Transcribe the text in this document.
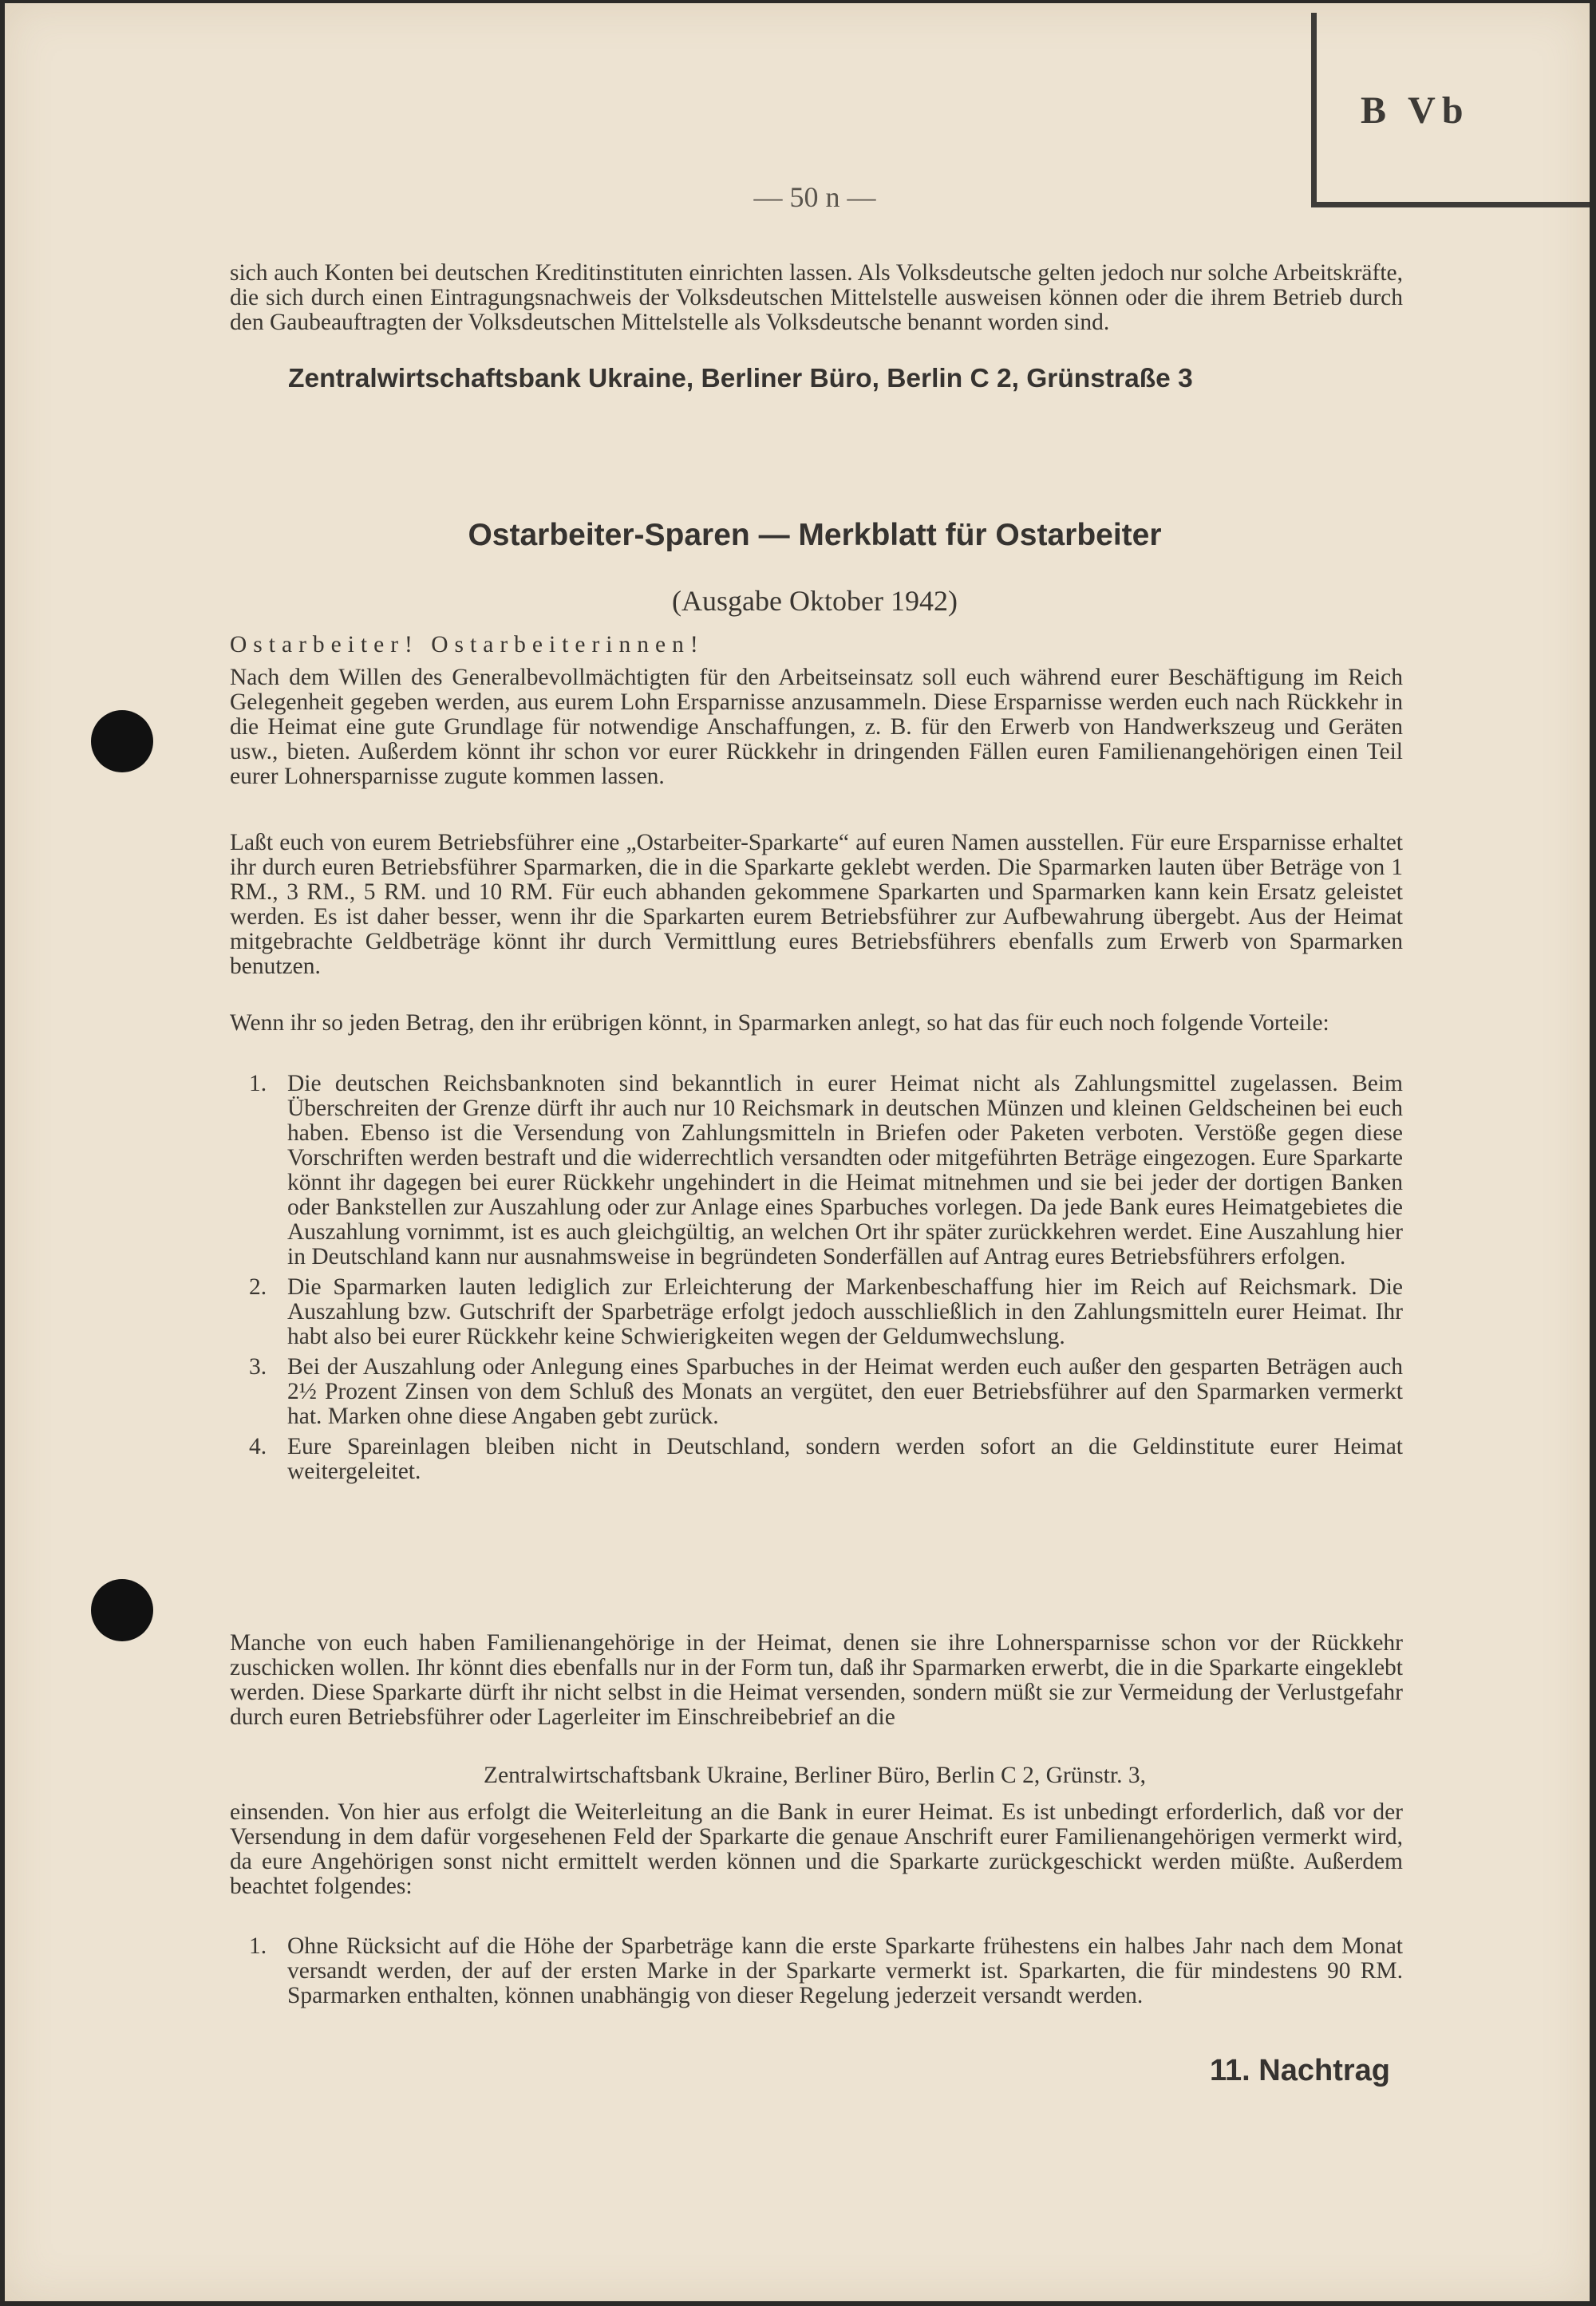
B Vb
— 50 n —

sich auch Konten bei deutschen Kreditinstituten einrichten lassen. Als Volksdeutsche gelten jedoch nur solche Arbeitskräfte, die sich durch einen Eintragungsnachweis der Volksdeutschen Mittelstelle ausweisen können oder die ihrem Betrieb durch den Gaubeauftragten der Volksdeutschen Mittelstelle als Volksdeutsche benannt worden sind.

Zentralwirtschaftsbank Ukraine, Berliner Büro, Berlin C 2, Grünstraße 3
Ostarbeiter-Sparen — Merkblatt für Ostarbeiter
(Ausgabe Oktober 1942)
Ostarbeiter! Ostarbeiterinnen!

Nach dem Willen des Generalbevollmächtigten für den Arbeitseinsatz soll euch während eurer Beschäftigung im Reich Gelegenheit gegeben werden, aus eurem Lohn Ersparnisse anzusammeln. Diese Ersparnisse werden euch nach Rückkehr in die Heimat eine gute Grundlage für notwendige Anschaffungen, z. B. für den Erwerb von Handwerkszeug und Geräten usw., bieten. Außerdem könnt ihr schon vor eurer Rückkehr in dringenden Fällen euren Familienangehörigen einen Teil eurer Lohnersparnisse zugute kommen lassen.

Laßt euch von eurem Betriebsführer eine „Ostarbeiter-Sparkarte“ auf euren Namen ausstellen. Für eure Ersparnisse erhaltet ihr durch euren Betriebsführer Sparmarken, die in die Sparkarte geklebt werden. Die Sparmarken lauten über Beträge von 1 RM., 3 RM., 5 RM. und 10 RM. Für euch abhanden gekommene Sparkarten und Sparmarken kann kein Ersatz geleistet werden. Es ist daher besser, wenn ihr die Sparkarten eurem Betriebsführer zur Aufbewahrung übergebt. Aus der Heimat mitgebrachte Geldbeträge könnt ihr durch Vermittlung eures Betriebsführers ebenfalls zum Erwerb von Sparmarken benutzen.

Wenn ihr so jeden Betrag, den ihr erübrigen könnt, in Sparmarken anlegt, so hat das für euch noch folgende Vorteile:

1. Die deutschen Reichsbanknoten sind bekanntlich in eurer Heimat nicht als Zahlungsmittel zugelassen. Beim Überschreiten der Grenze dürft ihr auch nur 10 Reichsmark in deutschen Münzen und kleinen Geldscheinen bei euch haben. Ebenso ist die Versendung von Zahlungsmitteln in Briefen oder Paketen verboten. Verstöße gegen diese Vorschriften werden bestraft und die widerrechtlich versandten oder mitgeführten Beträge eingezogen. Eure Sparkarte könnt ihr dagegen bei eurer Rückkehr ungehindert in die Heimat mitnehmen und sie bei jeder der dortigen Banken oder Bankstellen zur Auszahlung oder zur Anlage eines Sparbuches vorlegen. Da jede Bank eures Heimatgebietes die Auszahlung vornimmt, ist es auch gleichgültig, an welchen Ort ihr später zurückkehren werdet. Eine Auszahlung hier in Deutschland kann nur ausnahmsweise in begründeten Sonderfällen auf Antrag eures Betriebsführers erfolgen.
2. Die Sparmarken lauten lediglich zur Erleichterung der Markenbeschaffung hier im Reich auf Reichsmark. Die Auszahlung bzw. Gutschrift der Sparbeträge erfolgt jedoch ausschließlich in den Zahlungsmitteln eurer Heimat. Ihr habt also bei eurer Rückkehr keine Schwierigkeiten wegen der Geldumwechslung.
3. Bei der Auszahlung oder Anlegung eines Sparbuches in der Heimat werden euch außer den gesparten Beträgen auch 2½ Prozent Zinsen von dem Schluß des Monats an vergütet, den euer Betriebsführer auf den Sparmarken vermerkt hat. Marken ohne diese Angaben gebt zurück.
4. Eure Spareinlagen bleiben nicht in Deutschland, sondern werden sofort an die Geldinstitute eurer Heimat weitergeleitet.

Manche von euch haben Familienangehörige in der Heimat, denen sie ihre Lohnersparnisse schon vor der Rückkehr zuschicken wollen. Ihr könnt dies ebenfalls nur in der Form tun, daß ihr Sparmarken erwerbt, die in die Sparkarte eingeklebt werden. Diese Sparkarte dürft ihr nicht selbst in die Heimat versenden, sondern müßt sie zur Vermeidung der Verlustgefahr durch euren Betriebsführer oder Lagerleiter im Einschreibebrief an die

Zentralwirtschaftsbank Ukraine, Berliner Büro, Berlin C 2, Grünstr. 3,

einsenden. Von hier aus erfolgt die Weiterleitung an die Bank in eurer Heimat. Es ist unbedingt erforderlich, daß vor der Versendung in dem dafür vorgesehenen Feld der Sparkarte die genaue Anschrift eurer Familienangehörigen vermerkt wird, da eure Angehörigen sonst nicht ermittelt werden können und die Sparkarte zurückgeschickt werden müßte. Außerdem beachtet folgendes:

1. Ohne Rücksicht auf die Höhe der Sparbeträge kann die erste Sparkarte frühestens ein halbes Jahr nach dem Monat versandt werden, der auf der ersten Marke in der Sparkarte vermerkt ist. Sparkarten, die für mindestens 90 RM. Sparmarken enthalten, können unabhängig von dieser Regelung jederzeit versandt werden.
11. Nachtrag
